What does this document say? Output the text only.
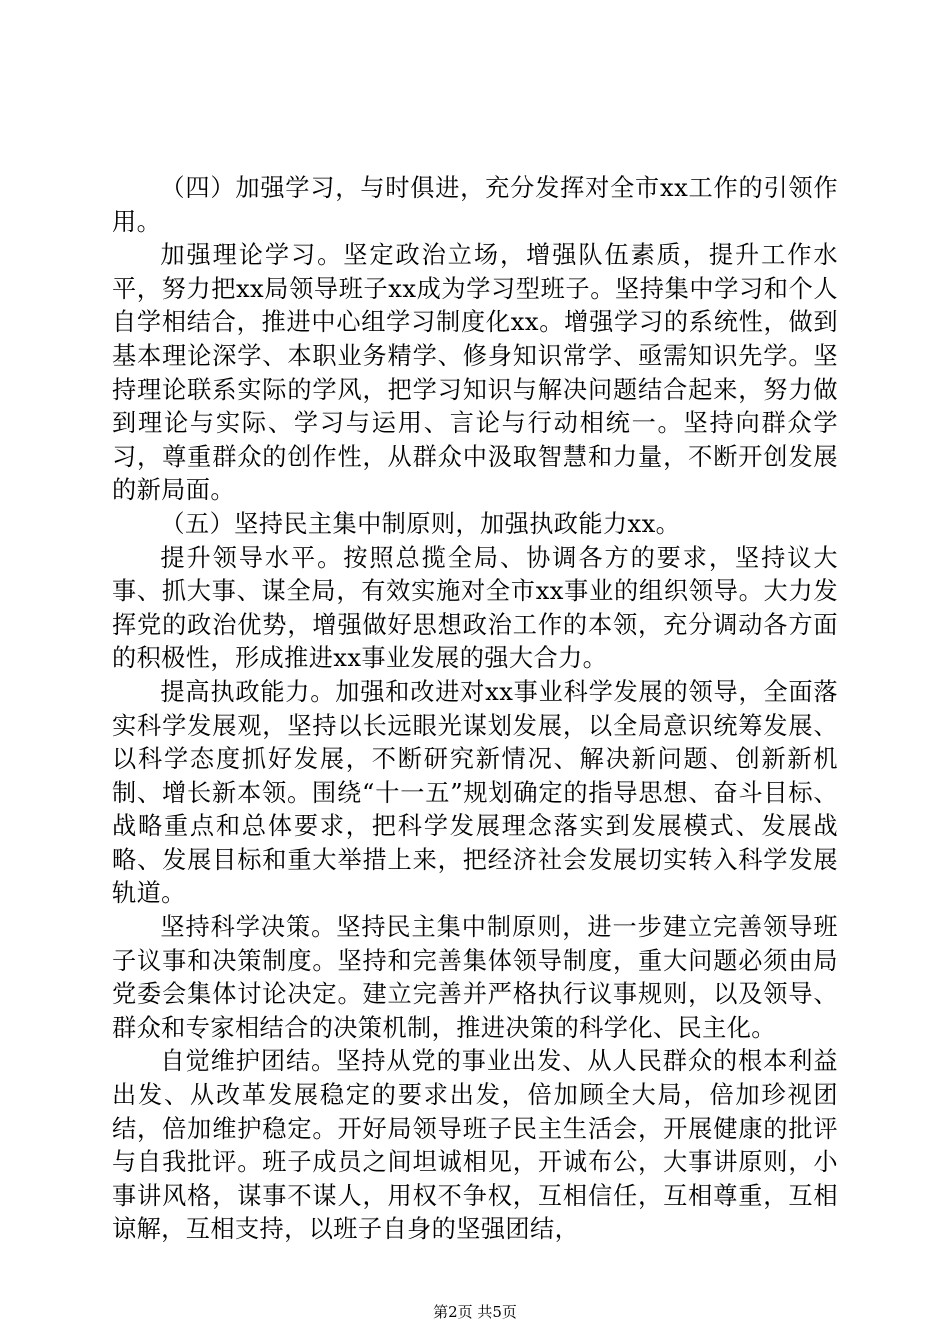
（四）加强学习，与时俱进，充分发挥对全市xx工作的引领作用。

加强理论学习。坚定政治立场，增强队伍素质，提升工作水平，努力把xx局领导班子xx成为学习型班子。坚持集中学习和个人自学相结合，推进中心组学习制度化xx。增强学习的系统性，做到基本理论深学、本职业务精学、修身知识常学、亟需知识先学。坚持理论联系实际的学风，把学习知识与解决问题结合起来，努力做到理论与实际、学习与运用、言论与行动相统一。坚持向群众学习，尊重群众的创作性，从群众中汲取智慧和力量，不断开创发展的新局面。

（五）坚持民主集中制原则，加强执政能力xx。

提升领导水平。按照总揽全局、协调各方的要求，坚持议大事、抓大事、谋全局，有效实施对全市xx事业的组织领导。大力发挥党的政治优势，增强做好思想政治工作的本领，充分调动各方面的积极性，形成推进xx事业发展的强大合力。

提高执政能力。加强和改进对xx事业科学发展的领导，全面落实科学发展观，坚持以长远眼光谋划发展，以全局意识统筹发展、以科学态度抓好发展，不断研究新情况、解决新问题、创新新机制、增长新本领。围绕“十一五”规划确定的指导思想、奋斗目标、战略重点和总体要求，把科学发展理念落实到发展模式、发展战略、发展目标和重大举措上来，把经济社会发展切实转入科学发展轨道。

坚持科学决策。坚持民主集中制原则，进一步建立完善领导班子议事和决策制度。坚持和完善集体领导制度，重大问题必须由局党委会集体讨论决定。建立完善并严格执行议事规则，以及领导、群众和专家相结合的决策机制，推进决策的科学化、民主化。

自觉维护团结。坚持从党的事业出发、从人民群众的根本利益出发、从改革发展稳定的要求出发，倍加顾全大局，倍加珍视团结，倍加维护稳定。开好局领导班子民主生活会，开展健康的批评与自我批评。班子成员之间坦诚相见，开诚布公，大事讲原则，小事讲风格，谋事不谋人，用权不争权，互相信任，互相尊重，互相谅解，互相支持，以班子自身的坚强团结，

第2页 共5页
